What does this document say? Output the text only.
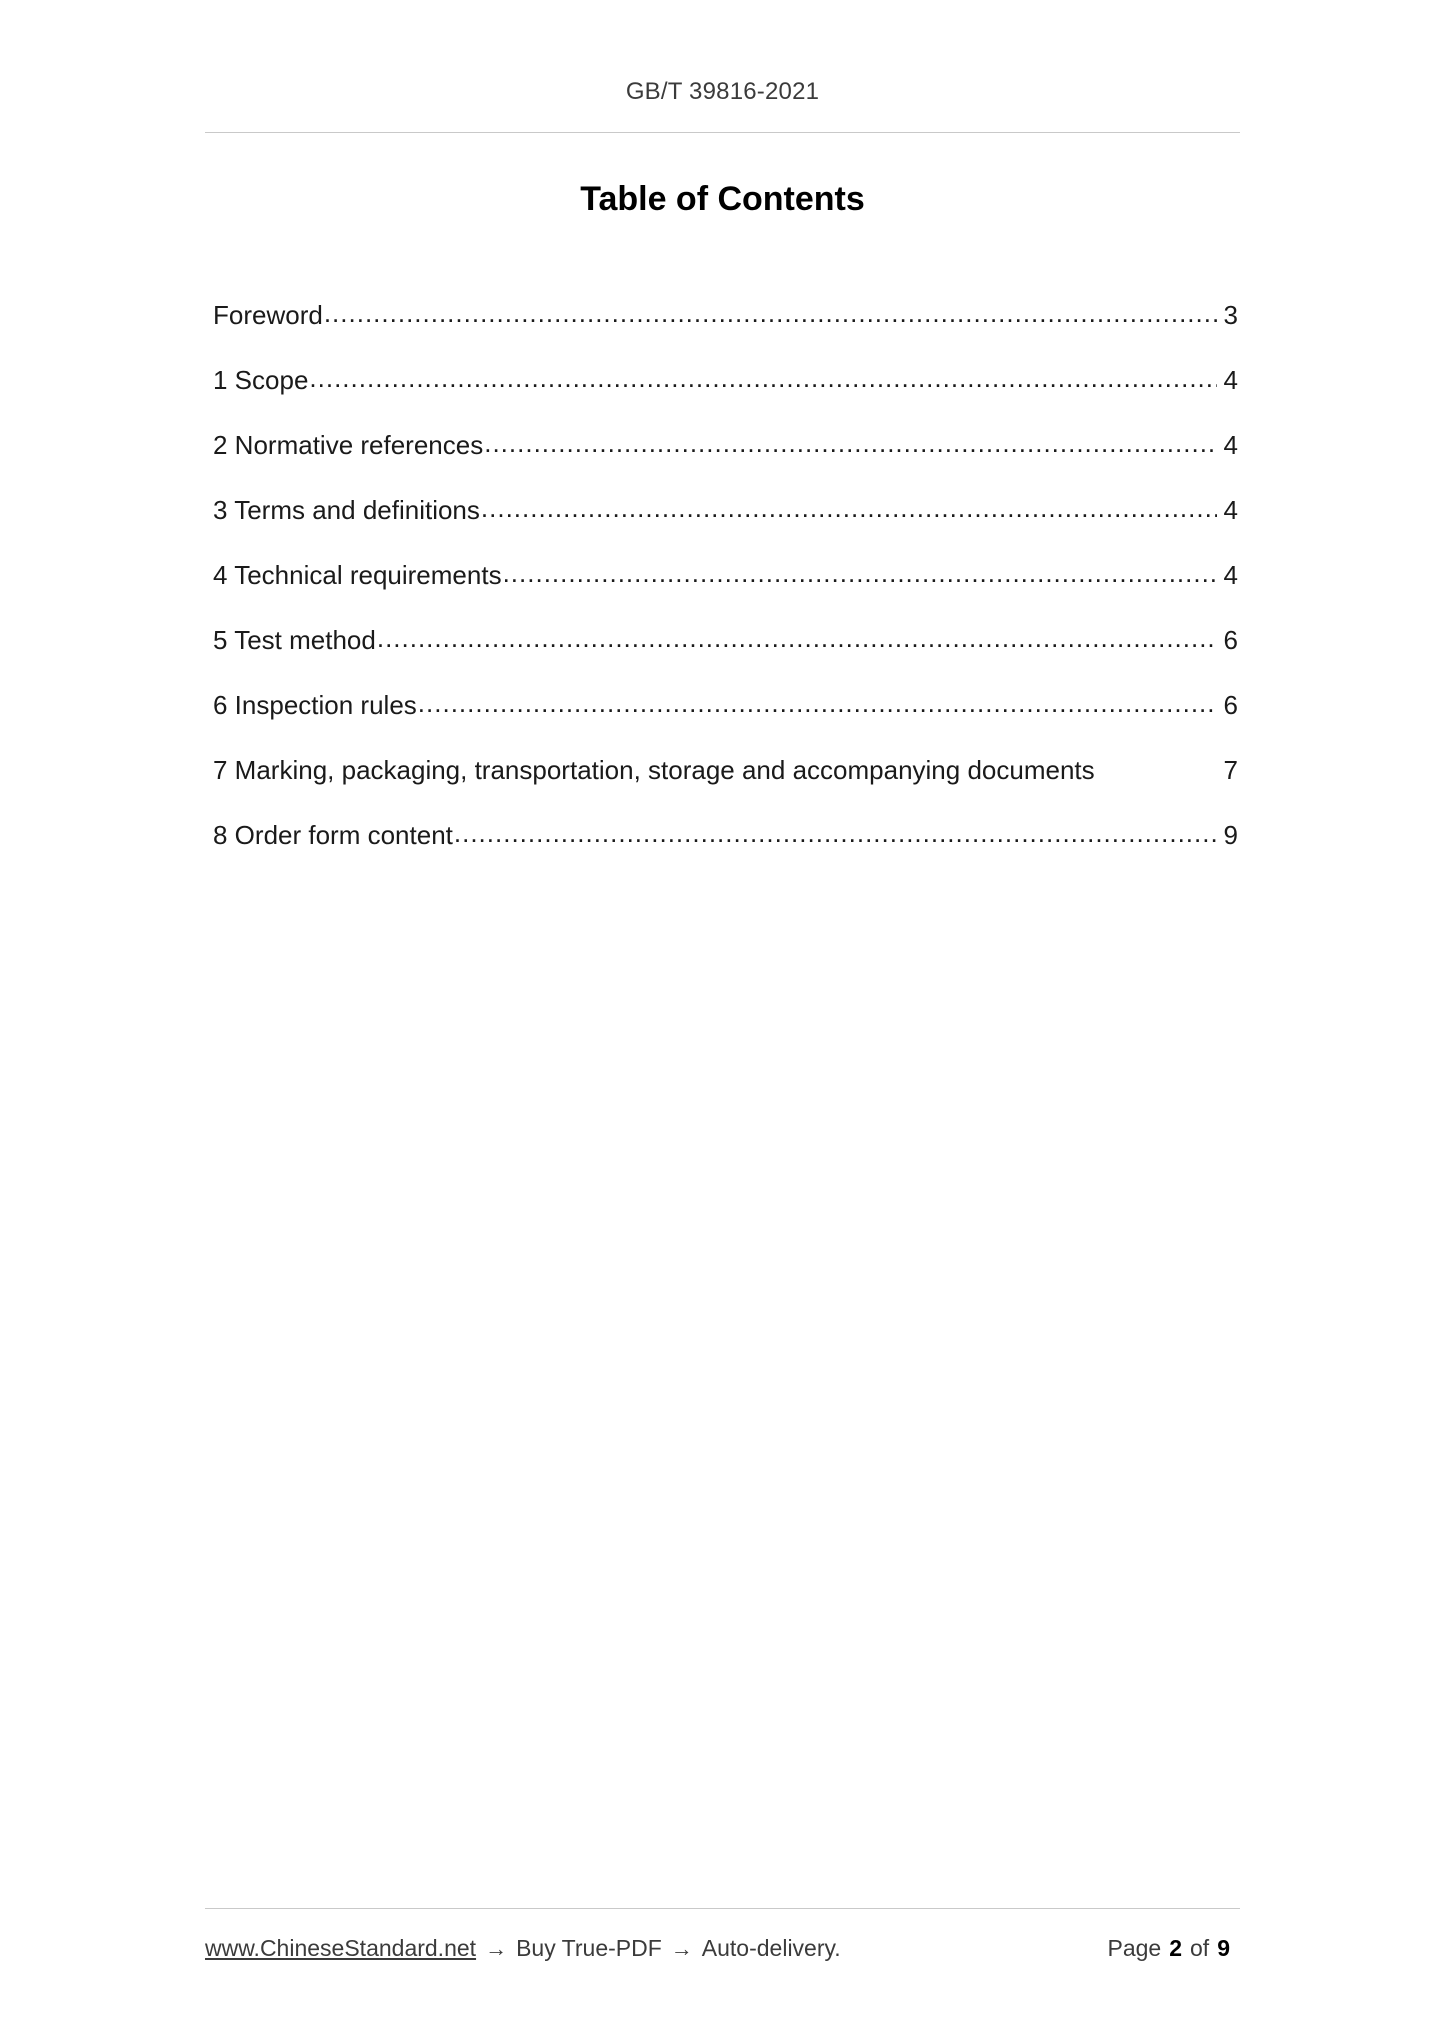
GB/T 39816-2021
Table of Contents
Foreword .....	3
1 Scope .....	4
2 Normative references .....	4
3 Terms and definitions .....	4
4 Technical requirements .....	4
5 Test method .....	6
6 Inspection rules .....	6
7 Marking, packaging, transportation, storage and accompanying documents	7
8 Order form content .....	9
www.ChineseStandard.net → Buy True-PDF → Auto-delivery.	Page 2 of 9
